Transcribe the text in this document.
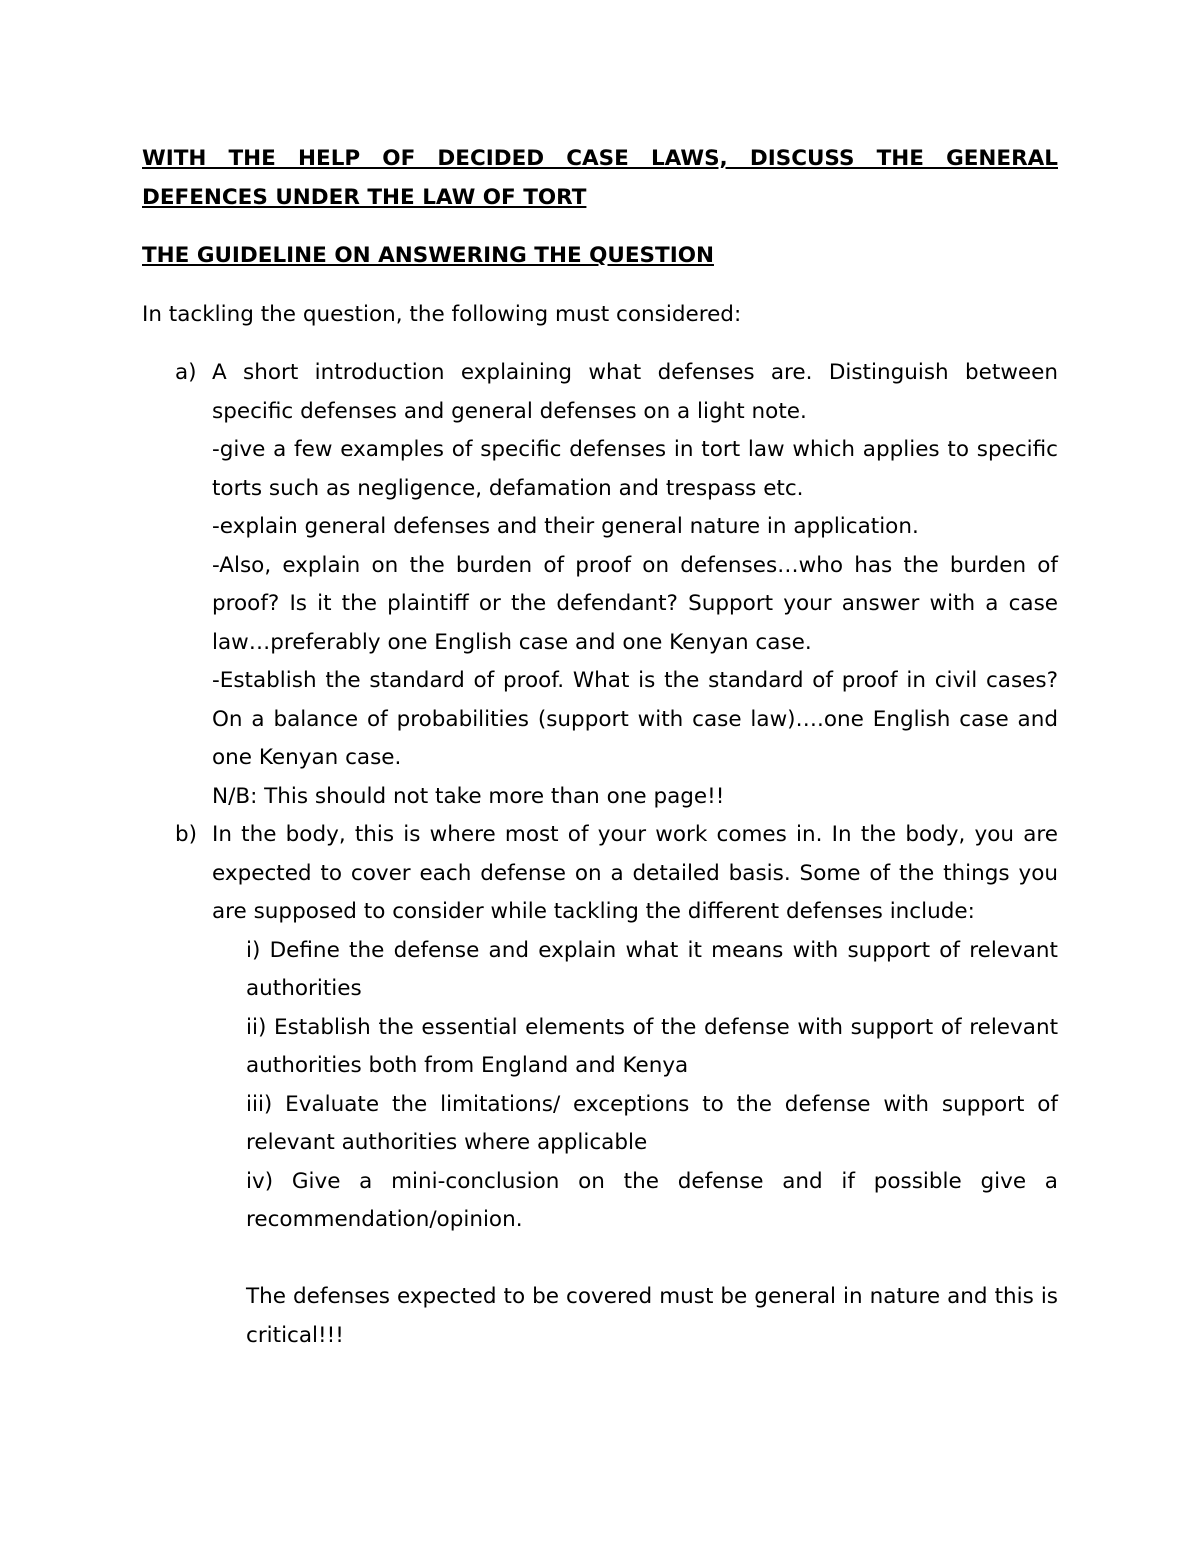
WITH THE HELP OF DECIDED CASE LAWS, DISCUSS THE GENERAL DEFENCES UNDER THE LAW OF TORT

THE GUIDELINE ON ANSWERING THE QUESTION

In tackling the question, the following must considered:

a) A short introduction explaining what defenses are. Distinguish between specific defenses and general defenses on a light note.

-give a few examples of specific defenses in tort law which applies to specific torts such as negligence, defamation and trespass etc.

-explain general defenses and their general nature in application.

-Also, explain on the burden of proof on defenses…who has the burden of proof? Is it the plaintiff or the defendant? Support your answer with a case law…preferably one English case and one Kenyan case.

-Establish the standard of proof. What is the standard of proof in civil cases? On a balance of probabilities (support with case law)….one English case and one Kenyan case.

N/B: This should not take more than one page!!

b) In the body, this is where most of your work comes in. In the body, you are expected to cover each defense on a detailed basis. Some of the things you are supposed to consider while tackling the different defenses include:

i) Define the defense and explain what it means with support of relevant authorities

ii) Establish the essential elements of the defense with support of relevant authorities both from England and Kenya

iii) Evaluate the limitations/ exceptions to the defense with support of relevant authorities where applicable

iv) Give a mini-conclusion on the defense and if possible give a recommendation/opinion.

The defenses expected to be covered must be general in nature and this is critical!!!
